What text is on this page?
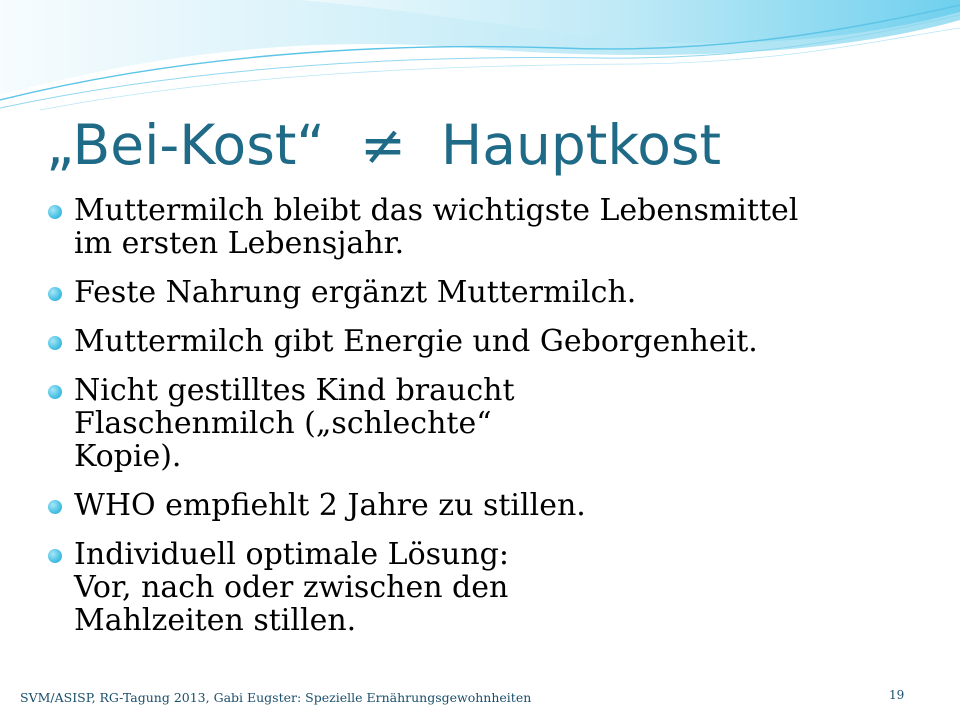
„Bei-Kost“  ≠  Hauptkost
Muttermilch bleibt das wichtigste Lebensmittel
im ersten Lebensjahr.
Feste Nahrung ergänzt Muttermilch.
Muttermilch gibt Energie und Geborgenheit.
Nicht gestilltes Kind braucht
Flaschenmilch („schlechte“
Kopie).
WHO empfiehlt 2 Jahre zu stillen.
Individuell optimale Lösung:
Vor, nach oder zwischen den
Mahlzeiten stillen.
SVM/ASISP, RG-Tagung 2013, Gabi Eugster: Spezielle Ernährungsgewohnheiten	19
